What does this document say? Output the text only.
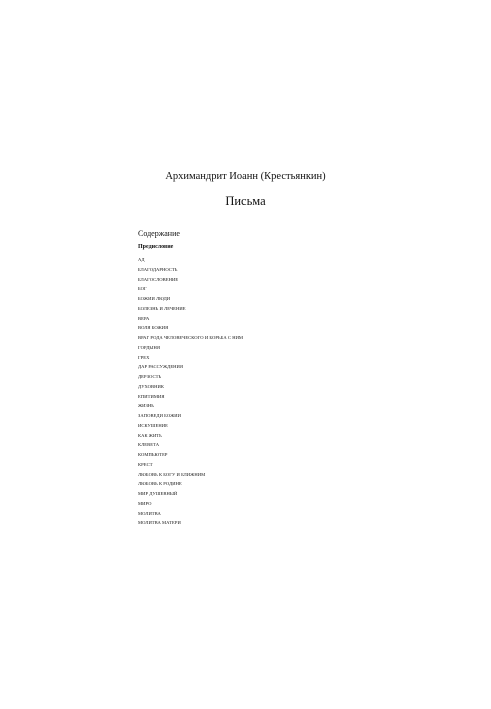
Архимандрит Иоанн (Крестьянкин)
Письма
Содержание
Предисловие
АД
БЛАГОДАРНОСТЬ
БЛАГОСЛОВЕНИЕ
БОГ
БОЖИИ ЛЮДИ
БОЛЕЗНЬ И ЛЕЧЕНИЕ
ВЕРА
ВОЛЯ БОЖИЯ
ВРАГ РОДА ЧЕЛОВЕЧЕСКОГО И БОРЬБА С НИМ
ГОРДЫНЯ
ГРЕХ
ДАР РАССУЖДЕНИЯ
ДЕРЗОСТЬ
ДУХОВНИК
ЕПИТИМИЯ
ЖИЗНЬ
ЗАПОВЕДИ БОЖИИ
ИСКУШЕНИЕ
КАК ЖИТЬ
КЛЕВЕТА
КОМПЬЮТЕР
КРЕСТ
ЛЮБОВЬ К БОГУ И БЛИЖНИМ
ЛЮБОВЬ К РОДИНЕ
МИР ДУШЕВНЫЙ
МИРО
МОЛИТВА
МОЛИТВА МАТЕРИ
